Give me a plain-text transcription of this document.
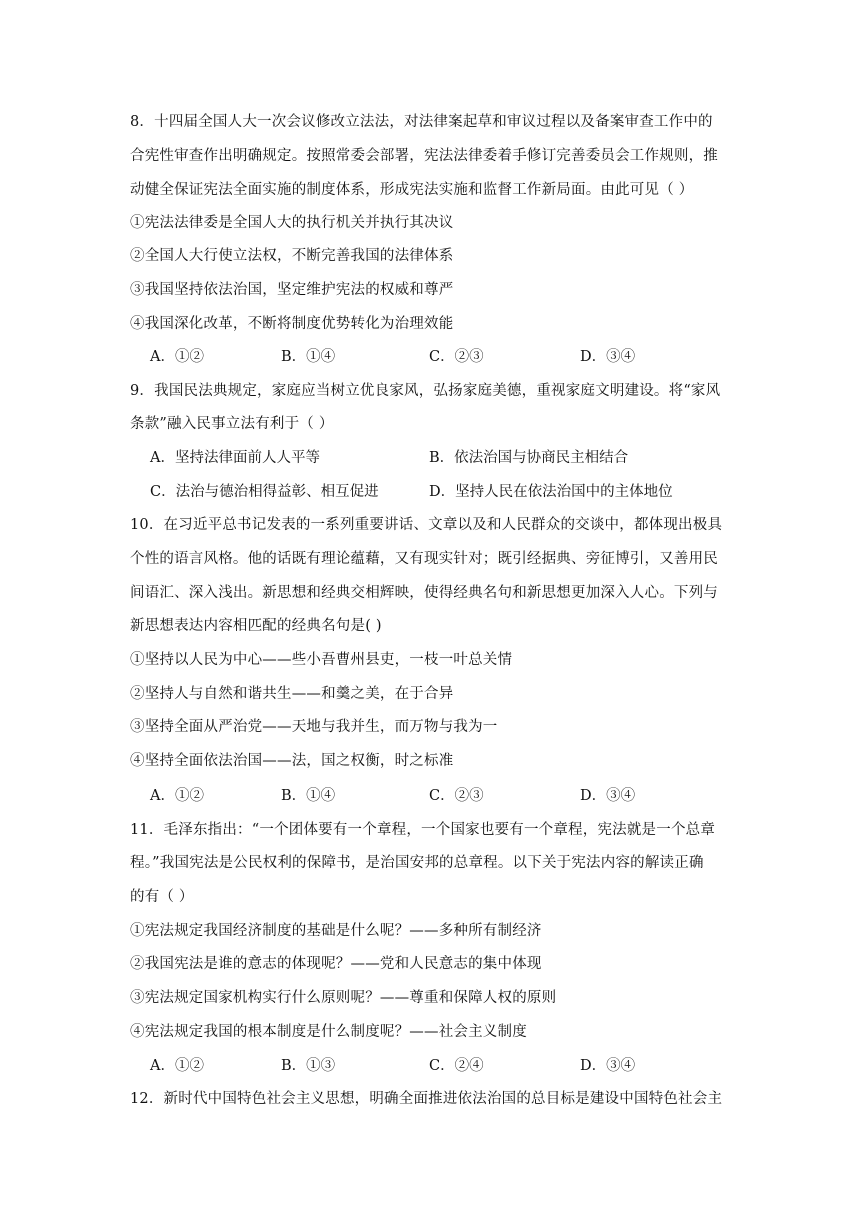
8．十四届全国人大一次会议修改立法法，对法律案起草和审议过程以及备案审查工作中的
合宪性审查作出明确规定。按照常委会部署，宪法法律委着手修订完善委员会工作规则，推
动健全保证宪法全面实施的制度体系，形成宪法实施和监督工作新局面。由此可见（ ）
①宪法法律委是全国人大的执行机关并执行其决议
②全国人大行使立法权，不断完善我国的法律体系
③我国坚持依法治国，坚定维护宪法的权威和尊严
④我国深化改革，不断将制度优势转化为治理效能
A．①②	B．①④	C．②③	D．③④
9．我国民法典规定，家庭应当树立优良家风，弘扬家庭美德，重视家庭文明建设。将“家风
条款”融入民事立法有利于（ ）
A．坚持法律面前人人平等	B．依法治国与协商民主相结合
C．法治与德治相得益彰、相互促进	D．坚持人民在依法治国中的主体地位
10．在习近平总书记发表的一系列重要讲话、文章以及和人民群众的交谈中，都体现出极具
个性的语言风格。他的话既有理论蕴藉，又有现实针对；既引经据典、旁征博引，又善用民
间语汇、深入浅出。新思想和经典交相辉映，使得经典名句和新思想更加深入人心。下列与
新思想表达内容相匹配的经典名句是( )
①坚持以人民为中心——些小吾曹州县吏，一枝一叶总关情
②坚持人与自然和谐共生——和羹之美，在于合异
③坚持全面从严治党——天地与我并生，而万物与我为一
④坚持全面依法治国——法，国之权衡，时之标准
A．①②	B．①④	C．②③	D．③④
11．毛泽东指出：“一个团体要有一个章程，一个国家也要有一个章程，宪法就是一个总章
程。”我国宪法是公民权利的保障书，是治国安邦的总章程。以下关于宪法内容的解读正确
的有（ ）
①宪法规定我国经济制度的基础是什么呢？——多种所有制经济
②我国宪法是谁的意志的体现呢？——党和人民意志的集中体现
③宪法规定国家机构实行什么原则呢？——尊重和保障人权的原则
④宪法规定我国的根本制度是什么制度呢？——社会主义制度
A．①②	B．①③	C．②④	D．③④
12．新时代中国特色社会主义思想，明确全面推进依法治国的总目标是建设中国特色社会主
